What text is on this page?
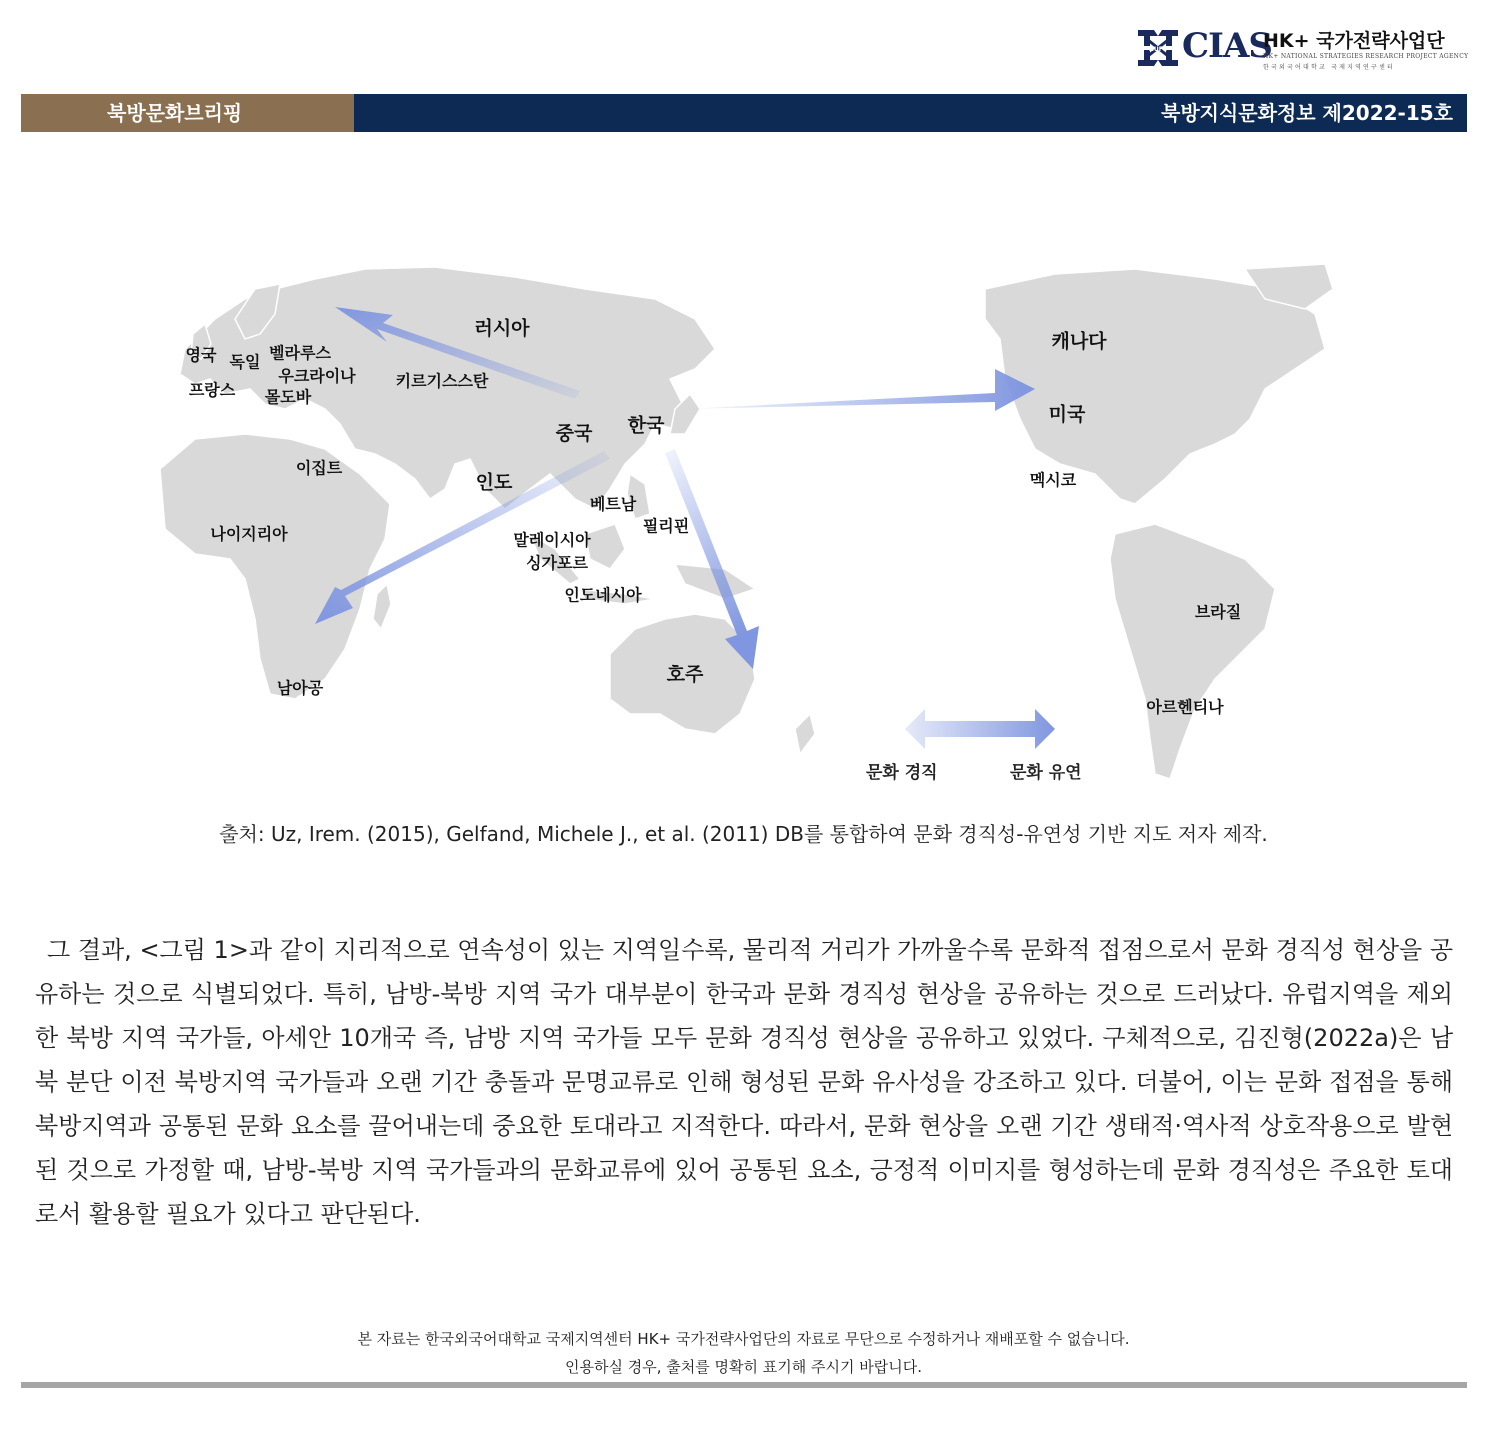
HUFS CIAS
HK+ 국가전략사업단
HK+ NATIONAL STRATEGIES RESEARCH PROJECT AGENCY
한국외국어대학교 국제지역연구센터
북방문화브리핑	북방지식문화정보 제2022-15호
러시아
영국 독일 벨라루스
우크라이나
프랑스 몰도바
키르기스스탄
중국 한국
이집트
인도
베트남
필리핀
말레이시아
싱가포르
인도네시아
나이지리아
남아공
호주
캐나다
미국
멕시코
브라질
아르헨티나
문화 경직	문화 유연
출처: Uz, Irem. (2015), Gelfand, Michele J., et al. (2011) DB를 통합하여 문화 경직성-유연성 기반 지도 저자 제작.

그 결과, <그림 1>과 같이 지리적으로 연속성이 있는 지역일수록, 물리적 거리가 가까울수록 문화적 접점으로서 문화 경직성 현상을 공유하는 것으로 식별되었다. 특히, 남방-북방 지역 국가 대부분이 한국과 문화 경직성 현상을 공유하는 것으로 드러났다. 유럽지역을 제외한 북방 지역 국가들, 아세안 10개국 즉, 남방 지역 국가들 모두 문화 경직성 현상을 공유하고 있었다. 구체적으로, 김진형(2022a)은 남북 분단 이전 북방지역 국가들과 오랜 기간 충돌과 문명교류로 인해 형성된 문화 유사성을 강조하고 있다. 더불어, 이는 문화 접점을 통해 북방지역과 공통된 문화 요소를 끌어내는데 중요한 토대라고 지적한다. 따라서, 문화 현상을 오랜 기간 생태적·역사적 상호작용으로 발현된 것으로 가정할 때, 남방-북방 지역 국가들과의 문화교류에 있어 공통된 요소, 긍정적 이미지를 형성하는데 문화 경직성은 주요한 토대로서 활용할 필요가 있다고 판단된다.

본 자료는 한국외국어대학교 국제지역센터 HK+ 국가전략사업단의 자료로 무단으로 수정하거나 재배포할 수 없습니다.
인용하실 경우, 출처를 명확히 표기해 주시기 바랍니다.
